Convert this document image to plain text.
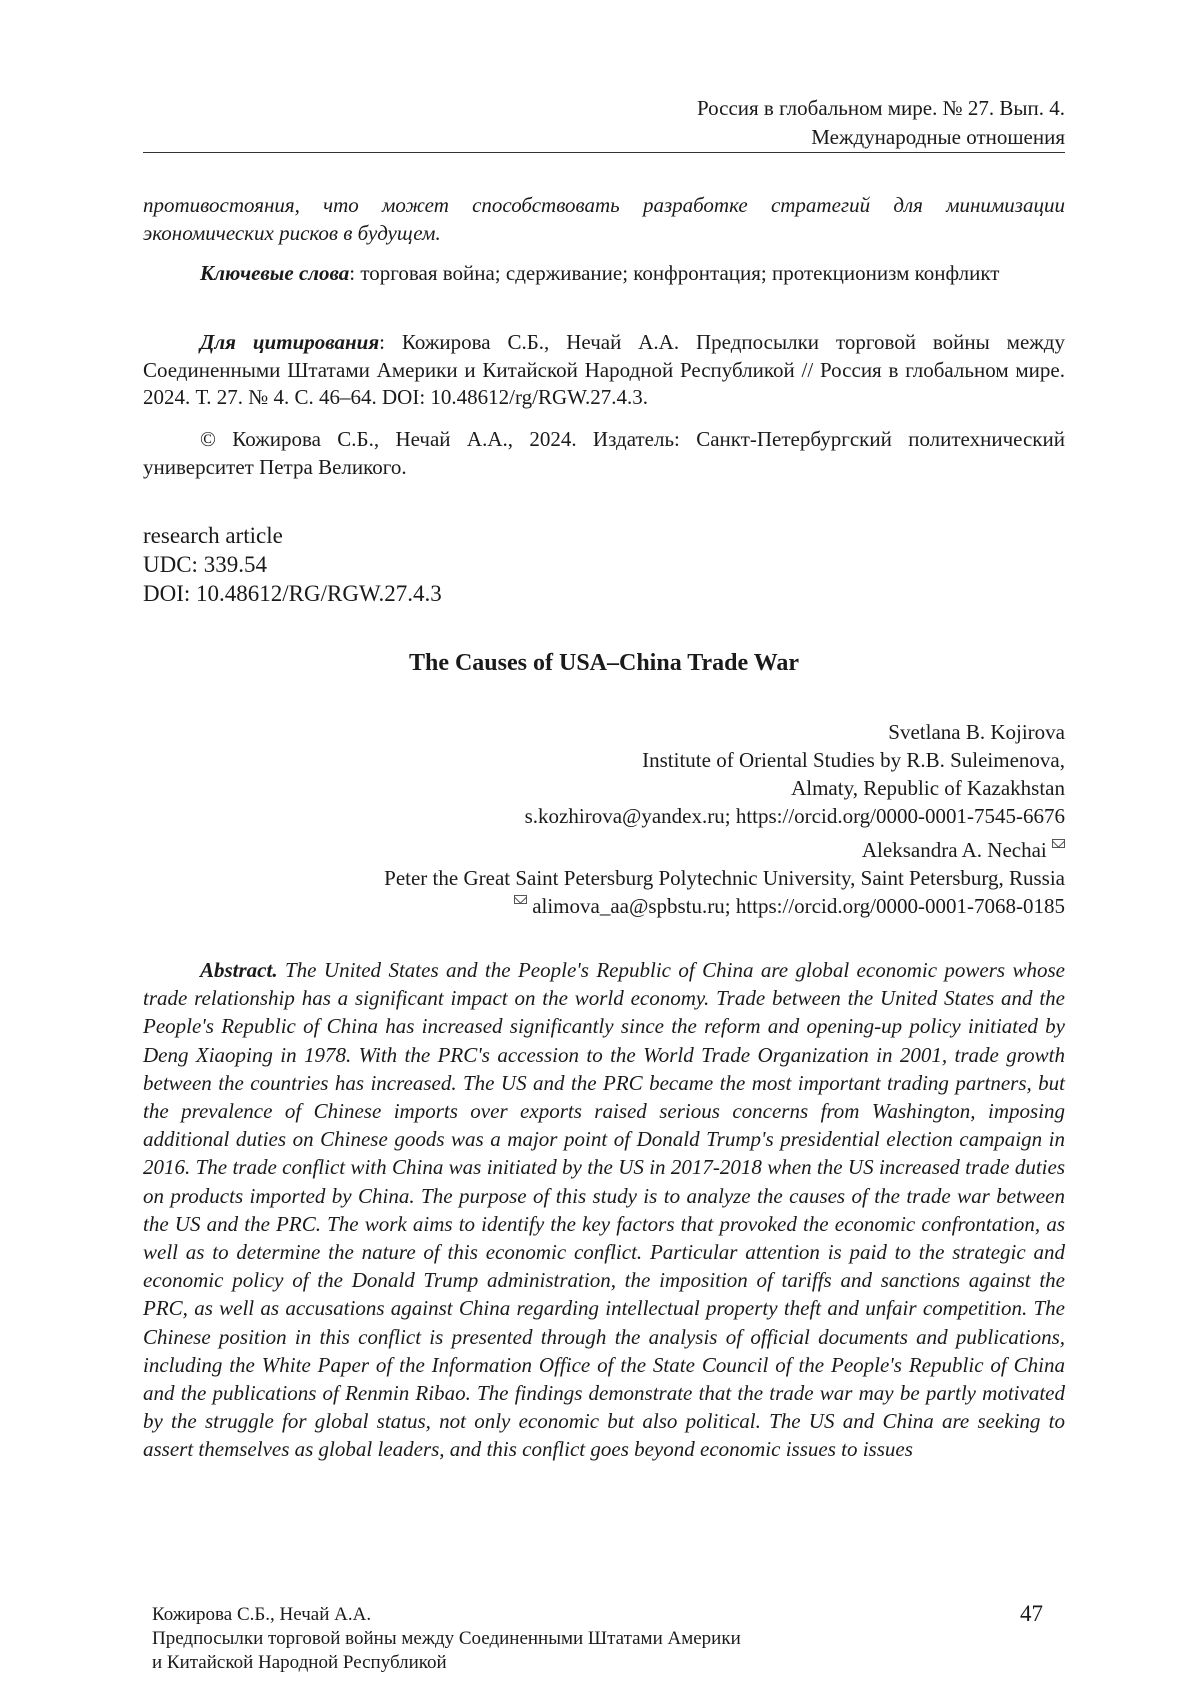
Россия в глобальном мире. № 27. Вып. 4.
Международные отношения
противостояния, что может способствовать разработке стратегий для минимизации экономических рисков в будущем.
Ключевые слова: торговая война; сдерживание; конфронтация; протекционизм конфликт
Для цитирования: Кожирова С.Б., Нечай А.А. Предпосылки торговой войны между Соединенными Штатами Америки и Китайской Народной Республикой // Россия в глобальном мире. 2024. Т. 27. № 4. С. 46–64. DOI: 10.48612/rg/RGW.27.4.3.
© Кожирова С.Б., Нечай А.А., 2024. Издатель: Санкт-Петербургский политехнический университет Петра Великого.
research article
UDC: 339.54
DOI: 10.48612/RG/RGW.27.4.3
The Causes of USA–China Trade War
Svetlana B. Kojirova
Institute of Oriental Studies by R.B. Suleimenova,
Almaty, Republic of Kazakhstan
s.kozhirova@yandex.ru; https://orcid.org/0000-0001-7545-6676
Aleksandra A. Nechai
Peter the Great Saint Petersburg Polytechnic University, Saint Petersburg, Russia
alimova_aa@spbstu.ru; https://orcid.org/0000-0001-7068-0185
Abstract. The United States and the People's Republic of China are global economic powers whose trade relationship has a significant impact on the world economy. Trade between the United States and the People's Republic of China has increased significantly since the reform and opening-up policy initiated by Deng Xiaoping in 1978. With the PRC's accession to the World Trade Organization in 2001, trade growth between the countries has increased. The US and the PRC became the most important trading partners, but the prevalence of Chinese imports over exports raised serious concerns from Washington, imposing additional duties on Chinese goods was a major point of Donald Trump's presidential election campaign in 2016. The trade conflict with China was initiated by the US in 2017-2018 when the US increased trade duties on products imported by China. The purpose of this study is to analyze the causes of the trade war between the US and the PRC. The work aims to identify the key factors that provoked the economic confrontation, as well as to determine the nature of this economic conflict. Particular attention is paid to the strategic and economic policy of the Donald Trump administration, the imposition of tariffs and sanctions against the PRC, as well as accusations against China regarding intellectual property theft and unfair competition. The Chinese position in this conflict is presented through the analysis of official documents and publications, including the White Paper of the Information Office of the State Council of the People's Republic of China and the publications of Renmin Ribao. The findings demonstrate that the trade war may be partly motivated by the struggle for global status, not only economic but also political. The US and China are seeking to assert themselves as global leaders, and this conflict goes beyond economic issues to issues
Кожирова С.Б., Нечай А.А.
Предпосылки торговой войны между Соединенными Штатами Америки
и Китайской Народной Республикой
47
